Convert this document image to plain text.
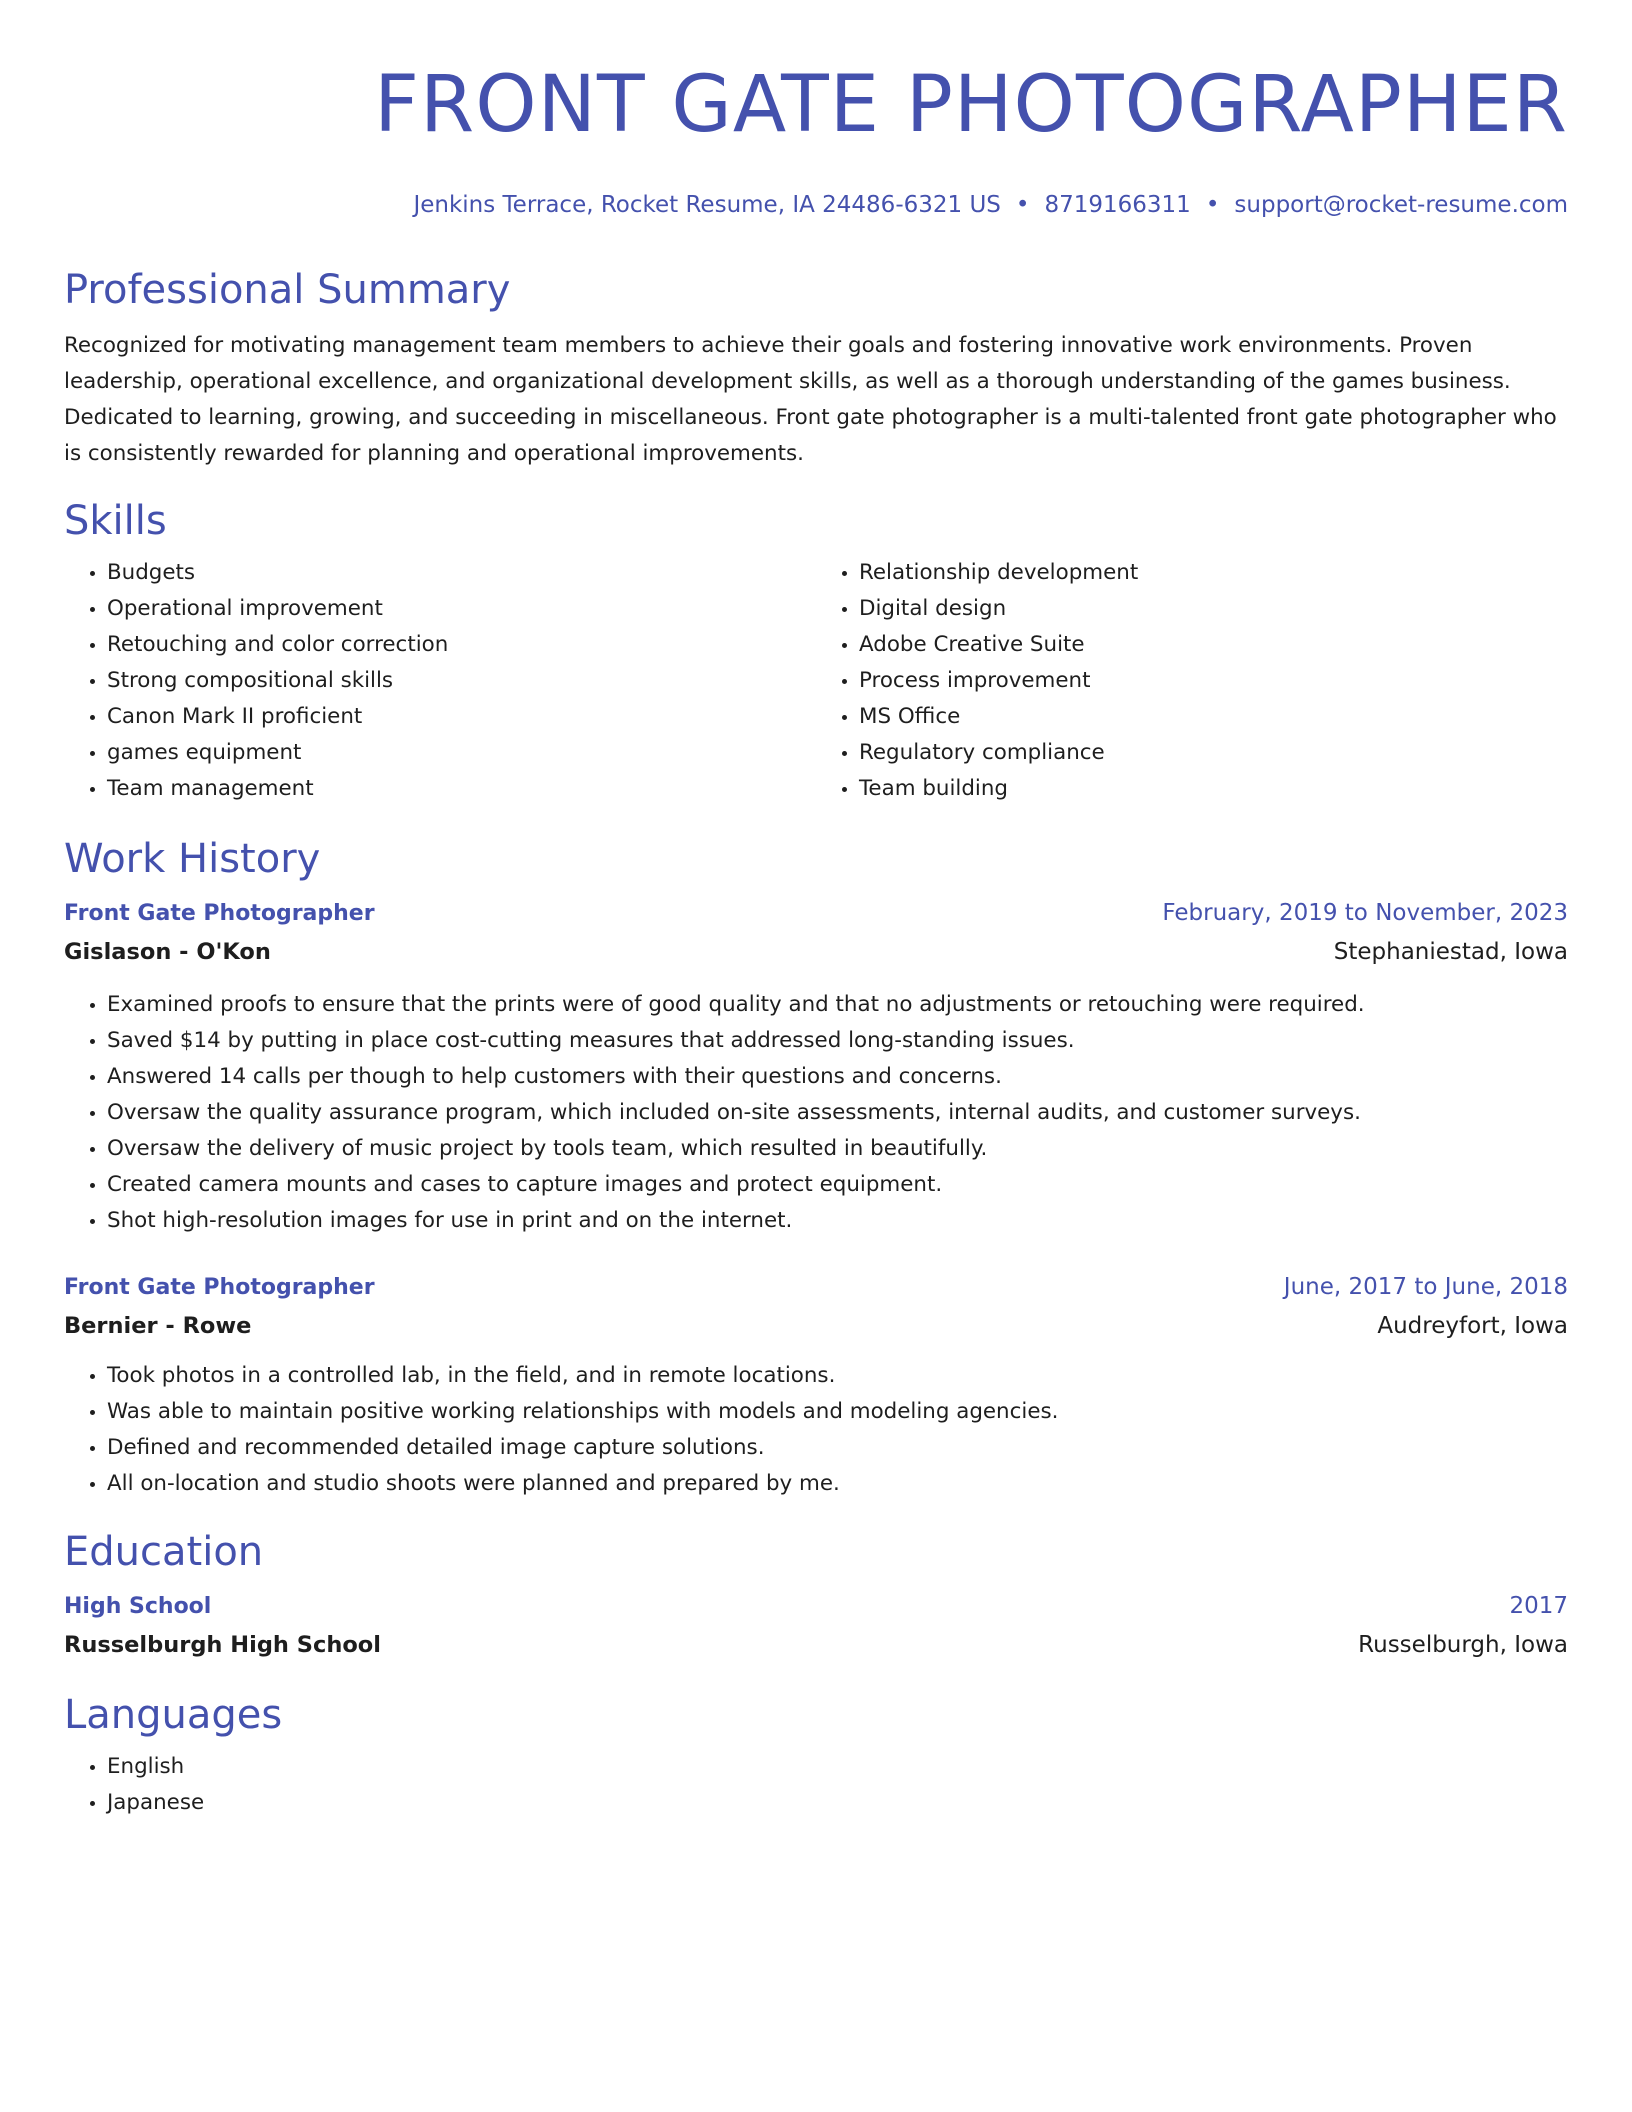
FRONT GATE PHOTOGRAPHER
Jenkins Terrace, Rocket Resume, IA 24486-6321 US • 8719166311 • support@rocket-resume.com
Professional Summary

Recognized for motivating management team members to achieve their goals and fostering innovative work environments. Proven leadership, operational excellence, and organizational development skills, as well as a thorough understanding of the games business. Dedicated to learning, growing, and succeeding in miscellaneous. Front gate photographer is a multi-talented front gate photographer who is consistently rewarded for planning and operational improvements.

Skills
• Budgets
• Operational improvement
• Retouching and color correction
• Strong compositional skills
• Canon Mark II proficient
• games equipment
• Team management
• Relationship development
• Digital design
• Adobe Creative Suite
• Process improvement
• MS Office
• Regulatory compliance
• Team building
Work History
Front Gate Photographer	February, 2019 to November, 2023
Gislason - O'Kon	Stephaniestad, Iowa
• Examined proofs to ensure that the prints were of good quality and that no adjustments or retouching were required.
• Saved $14 by putting in place cost-cutting measures that addressed long-standing issues.
• Answered 14 calls per though to help customers with their questions and concerns.
• Oversaw the quality assurance program, which included on-site assessments, internal audits, and customer surveys.
• Oversaw the delivery of music project by tools team, which resulted in beautifully.
• Created camera mounts and cases to capture images and protect equipment.
• Shot high-resolution images for use in print and on the internet.
Front Gate Photographer	June, 2017 to June, 2018
Bernier - Rowe	Audreyfort, Iowa
• Took photos in a controlled lab, in the field, and in remote locations.
• Was able to maintain positive working relationships with models and modeling agencies.
• Defined and recommended detailed image capture solutions.
• All on-location and studio shoots were planned and prepared by me.
Education
High School	2017
Russelburgh High School	Russelburgh, Iowa
Languages
• English
• Japanese
